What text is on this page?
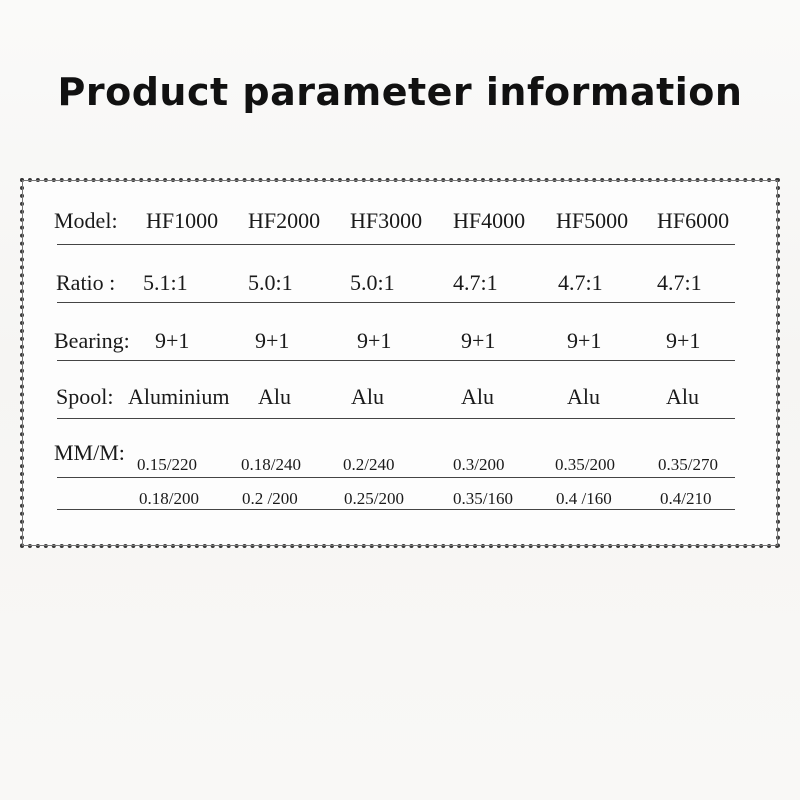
Product parameter information
Model: HF1000 HF2000 HF3000 HF4000 HF5000 HF6000
Ratio : 5.1:1	5.0:1	5.0:1	4.7:1	4.7:1 4.7:1
Bearing: 9+1	9+1	9+1	9+1	9+1	9+1
Spool: Aluminium Alu	Alu	Alu	Alu	Alu
MM/M: 0.15/220	0.18/240 0.2/240	0.3/200	0.35/200	0.35/270
0.18/200	0.2 /200	0.25/200	0.35/160	0.4 /160	0.4/210
